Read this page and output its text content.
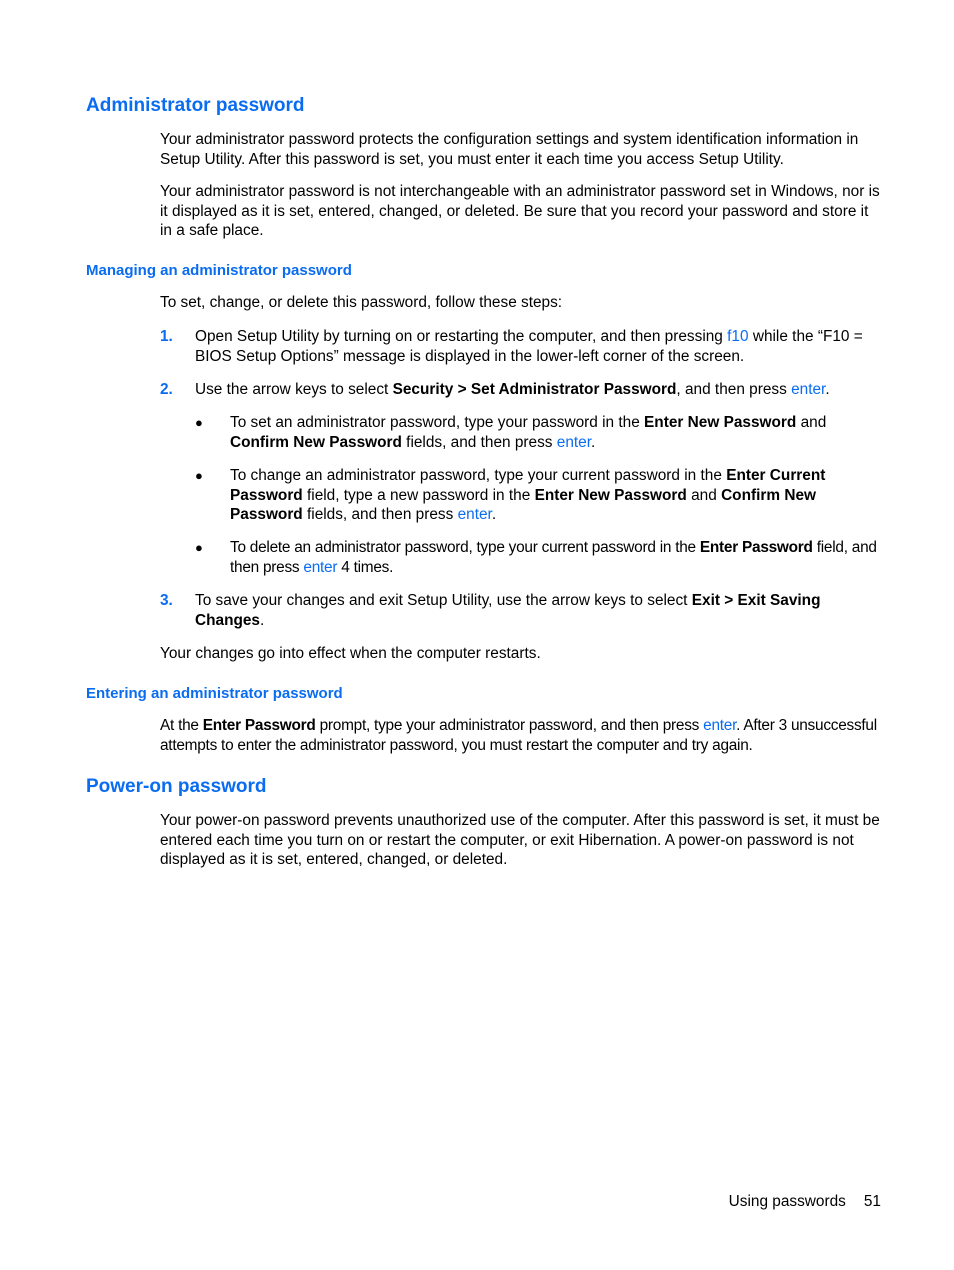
Administrator password

Your administrator password protects the configuration settings and system identification information in Setup Utility. After this password is set, you must enter it each time you access Setup Utility.

Your administrator password is not interchangeable with an administrator password set in Windows, nor is it displayed as it is set, entered, changed, or deleted. Be sure that you record your password and store it in a safe place.

Managing an administrator password

To set, change, or delete this password, follow these steps:

1. Open Setup Utility by turning on or restarting the computer, and then pressing f10 while the “F10 = BIOS Setup Options” message is displayed in the lower-left corner of the screen.
2. Use the arrow keys to select Security > Set Administrator Password, and then press enter.
● To set an administrator password, type your password in the Enter New Password and Confirm New Password fields, and then press enter.
● To change an administrator password, type your current password in the Enter Current Password field, type a new password in the Enter New Password and Confirm New Password fields, and then press enter.
● To delete an administrator password, type your current password in the Enter Password field, and then press enter 4 times.
3. To save your changes and exit Setup Utility, use the arrow keys to select Exit > Exit Saving Changes.

Your changes go into effect when the computer restarts.

Entering an administrator password

At the Enter Password prompt, type your administrator password, and then press enter. After 3 unsuccessful attempts to enter the administrator password, you must restart the computer and try again.

Power-on password

Your power-on password prevents unauthorized use of the computer. After this password is set, it must be entered each time you turn on or restart the computer, or exit Hibernation. A power-on password is not displayed as it is set, entered, changed, or deleted.

Using passwords 51
